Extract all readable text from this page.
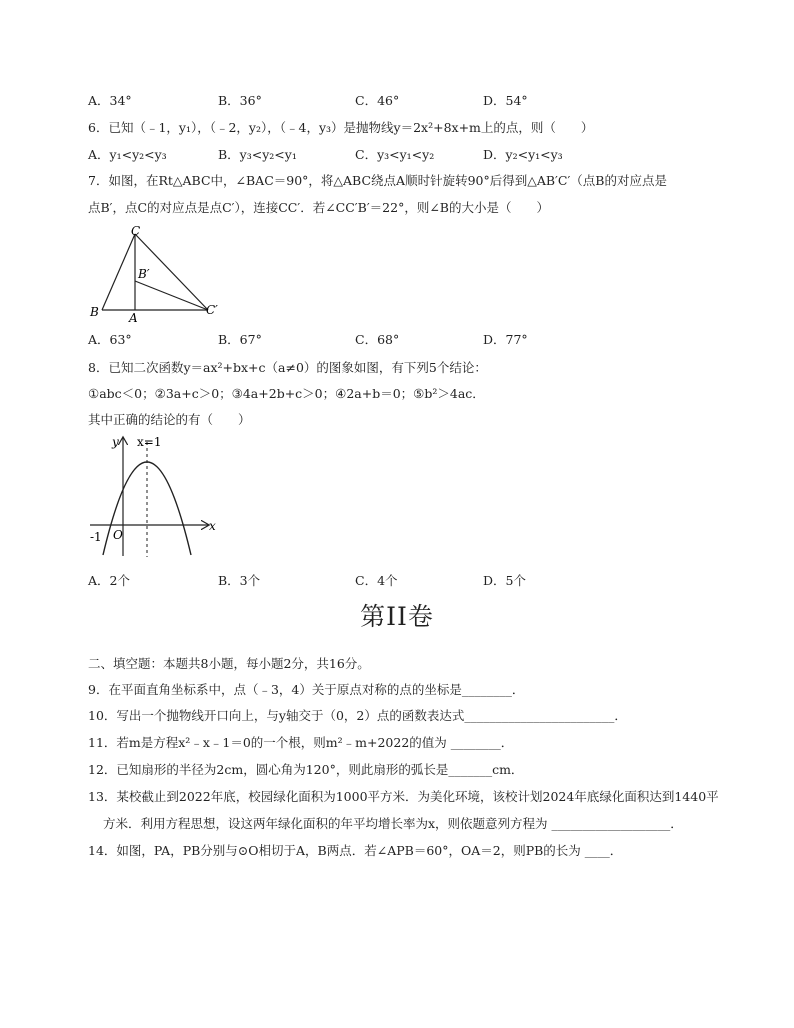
A．34°	B．36°	C．46°	D．54°
6．已知（﹣1，y₁），（﹣2，y₂），（﹣4，y₃）是抛物线y＝2x²+8x+m上的点，则（　　）
A．y₁<y₂<y₃	B．y₃<y₂<y₁	C．y₃<y₁<y₂	D．y₂<y₁<y₃
7．如图，在Rt△ABC中，∠BAC＝90°，将△ABC绕点A顺时针旋转90°后得到△AB′C′（点B的对应点是
点B′，点C的对应点是点C′），连接CC′．若∠CC′B′＝22°，则∠B的大小是（　　）
C
B′
B	A
C′
A．63°	B．67°	C．68°	D．77°
8．已知二次函数y＝ax²+bx+c（a≠0）的图象如图，有下列5个结论：
①abc＜0；②3a+c＞0；③4a+2b+c＞0；④2a+b＝0；⑤b²＞4ac．
其中正确的结论的有（　　）
y x=1
x
-1 O
A．2个	B．3个	C．4个	D．5个
第II卷
二、填空题：本题共8小题，每小题2分，共16分。
9．在平面直角坐标系中，点（﹣3，4）关于原点对称的点的坐标是________．
10．写出一个抛物线开口向上，与y轴交于（0，2）点的函数表达式________________________．
11．若m是方程x²﹣x﹣1＝0的一个根，则m²﹣m+2022的值为 ________．
12．已知扇形的半径为2cm，圆心角为120°，则此扇形的弧长是_______cm．
13．某校截止到2022年底，校园绿化面积为1000平方米．为美化环境，该校计划2024年底绿化面积达到1440平
方米．利用方程思想，设这两年绿化面积的年平均增长率为x，则依题意列方程为 ___________________．
14．如图，PA，PB分别与⊙O相切于A，B两点．若∠APB＝60°，OA＝2，则PB的长为 ____．
